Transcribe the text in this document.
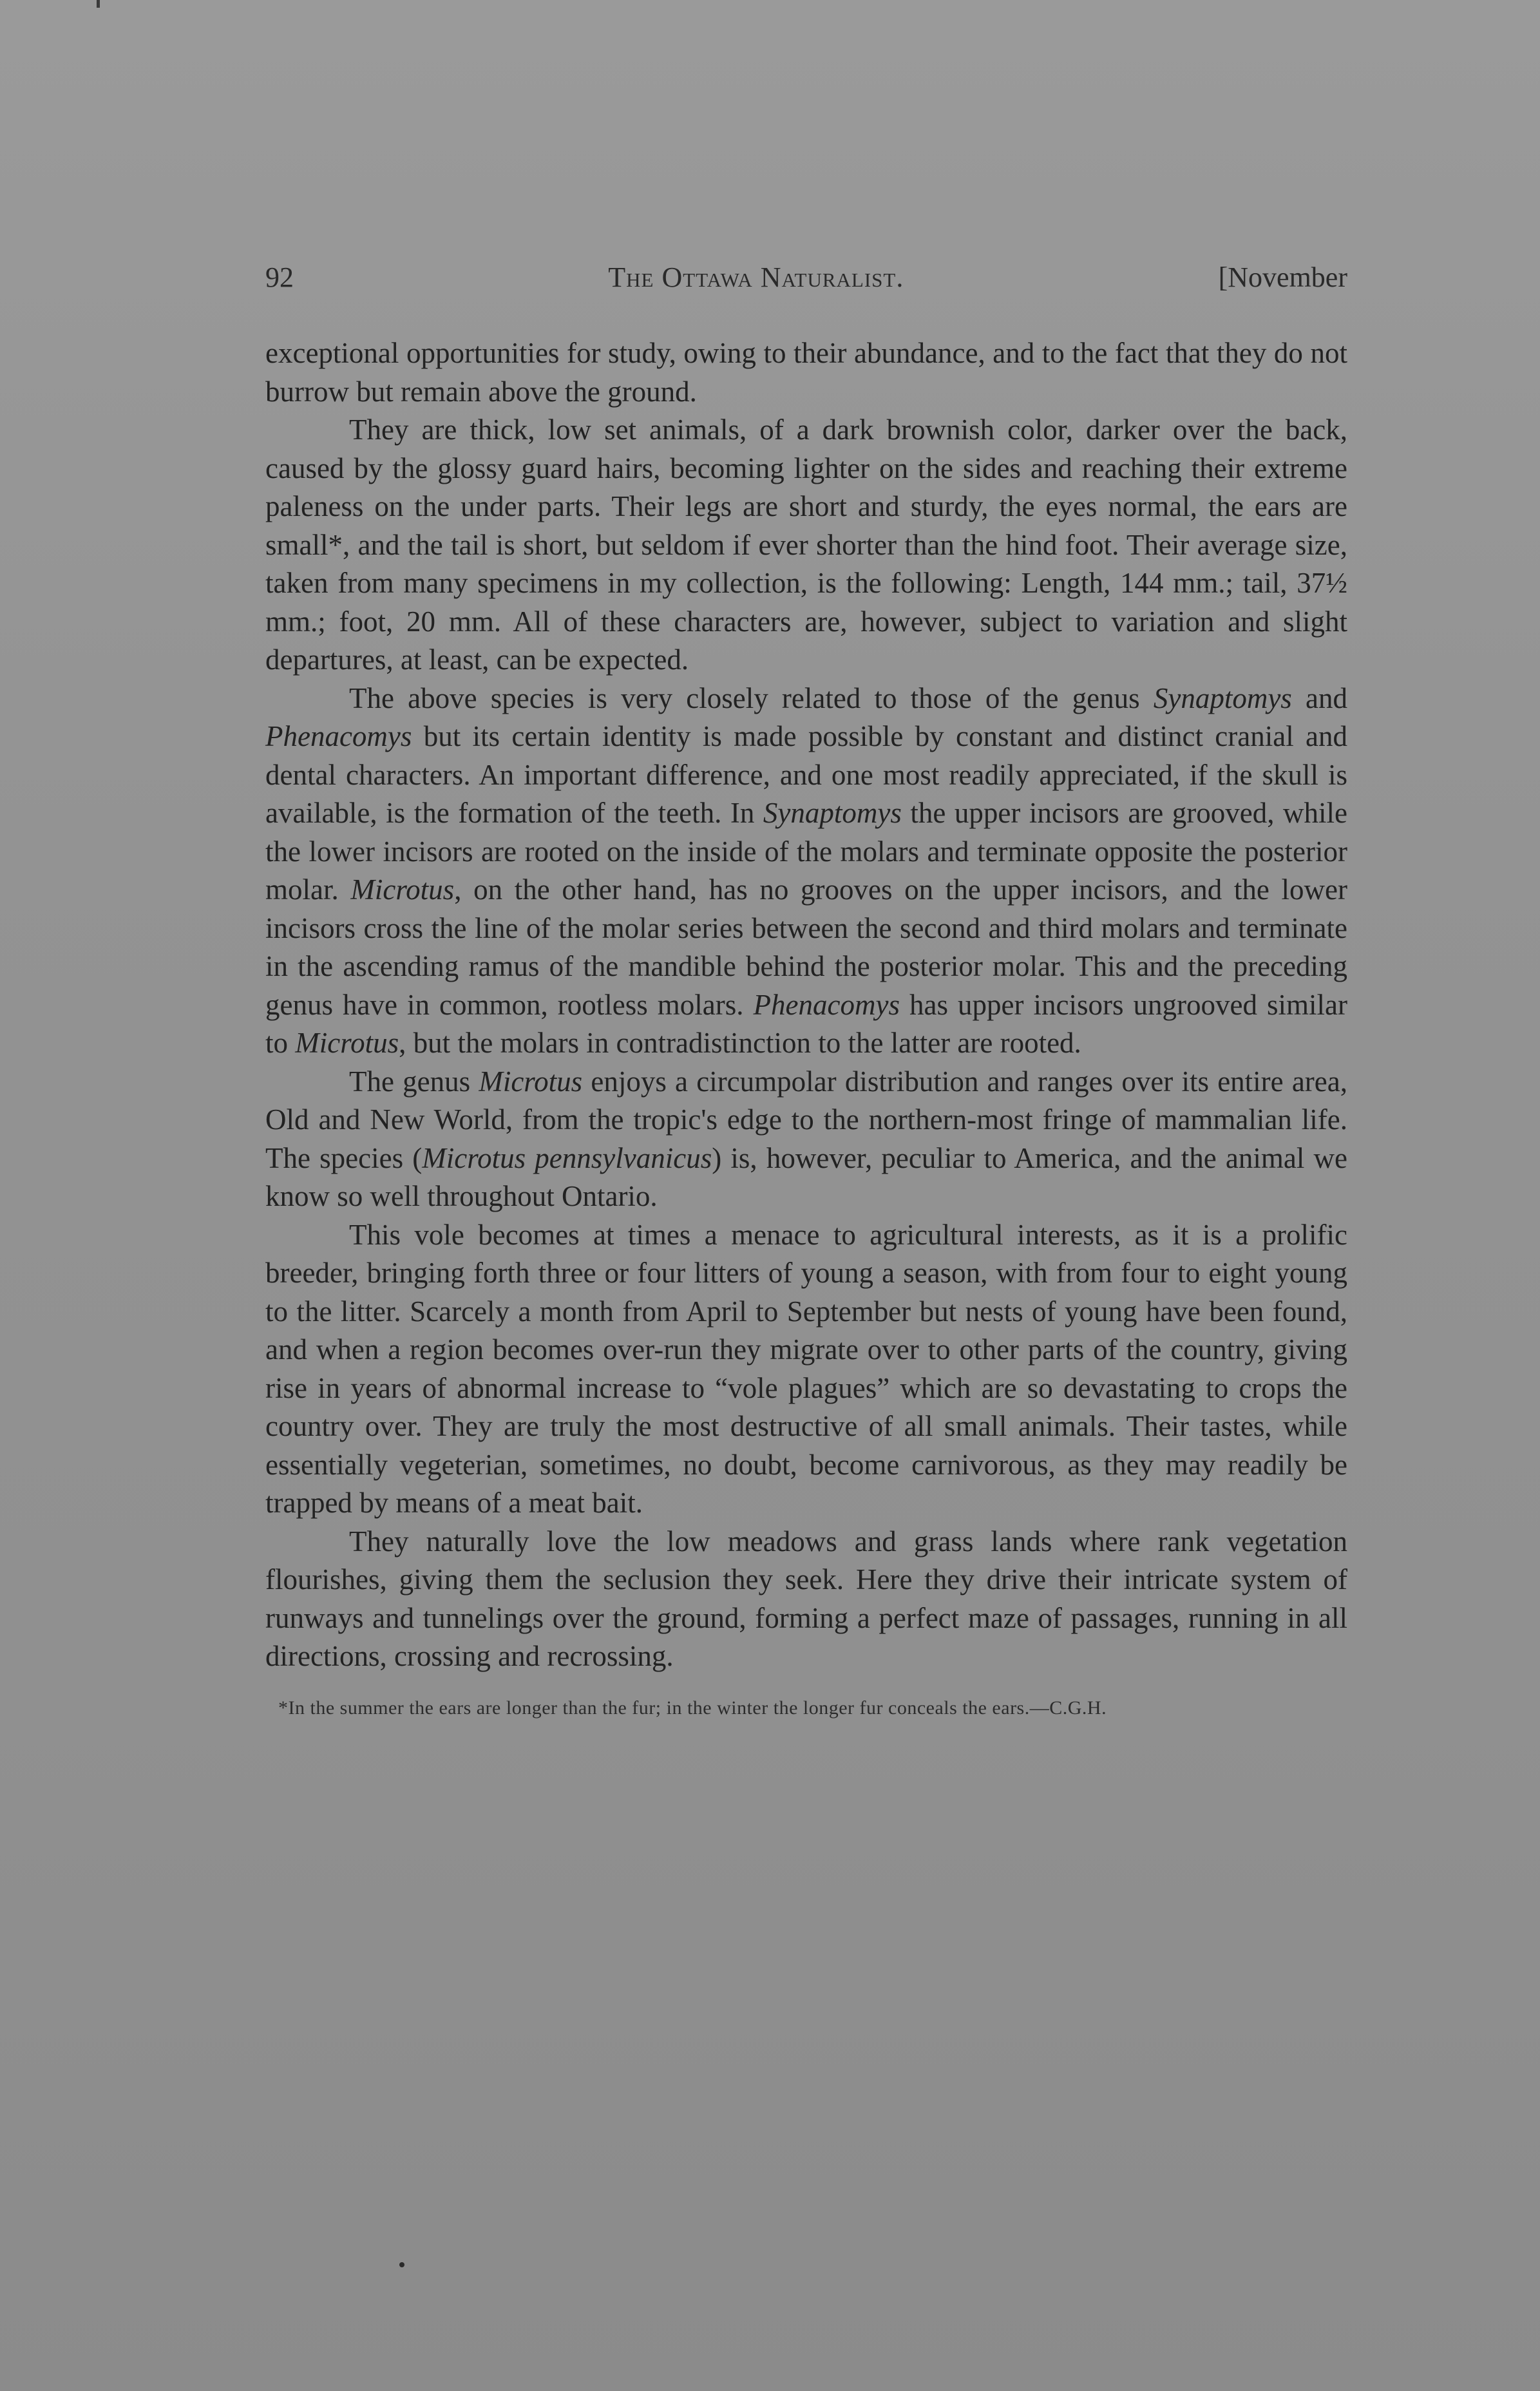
92	The Ottawa Naturalist.	[November

exceptional opportunities for study, owing to their abundance, and to the fact that they do not burrow but remain above the ground.

They are thick, low set animals, of a dark brownish color, darker over the back, caused by the glossy guard hairs, becoming lighter on the sides and reaching their extreme paleness on the under parts. Their legs are short and sturdy, the eyes normal, the ears are small*, and the tail is short, but seldom if ever shorter than the hind foot. Their average size, taken from many specimens in my collection, is the following: Length, 144 mm.; tail, 37½ mm.; foot, 20 mm. All of these characters are, however, subject to variation and slight departures, at least, can be expected.

The above species is very closely related to those of the genus Synaptomys and Phenacomys but its certain identity is made possible by constant and distinct cranial and dental characters. An important difference, and one most readily appreciated, if the skull is available, is the formation of the teeth. In Synaptomys the upper incisors are grooved, while the lower incisors are rooted on the inside of the molars and terminate opposite the posterior molar. Microtus, on the other hand, has no grooves on the upper incisors, and the lower incisors cross the line of the molar series between the second and third molars and terminate in the ascending ramus of the mandible behind the posterior molar. This and the preceding genus have in common, rootless molars. Phenacomys has upper incisors ungrooved similar to Microtus, but the molars in contradistinction to the latter are rooted.

The genus Microtus enjoys a circumpolar distribution and ranges over its entire area, Old and New World, from the tropic's edge to the northern-most fringe of mammalian life. The species (Microtus pennsylvanicus) is, however, peculiar to America, and the animal we know so well throughout Ontario.

This vole becomes at times a menace to agricultural interests, as it is a prolific breeder, bringing forth three or four litters of young a season, with from four to eight young to the litter. Scarcely a month from April to September but nests of young have been found, and when a region becomes over-run they migrate over to other parts of the country, giving rise in years of abnormal increase to “vole plagues” which are so devastating to crops the country over. They are truly the most destructive of all small animals. Their tastes, while essentially vegeterian, sometimes, no doubt, become carnivorous, as they may readily be trapped by means of a meat bait.

They naturally love the low meadows and grass lands where rank vegetation flourishes, giving them the seclusion they seek. Here they drive their intricate system of runways and tunnelings over the ground, forming a perfect maze of passages, running in all directions, crossing and recrossing.

*In the summer the ears are longer than the fur; in the winter the longer fur conceals the ears.—C.G.H.
